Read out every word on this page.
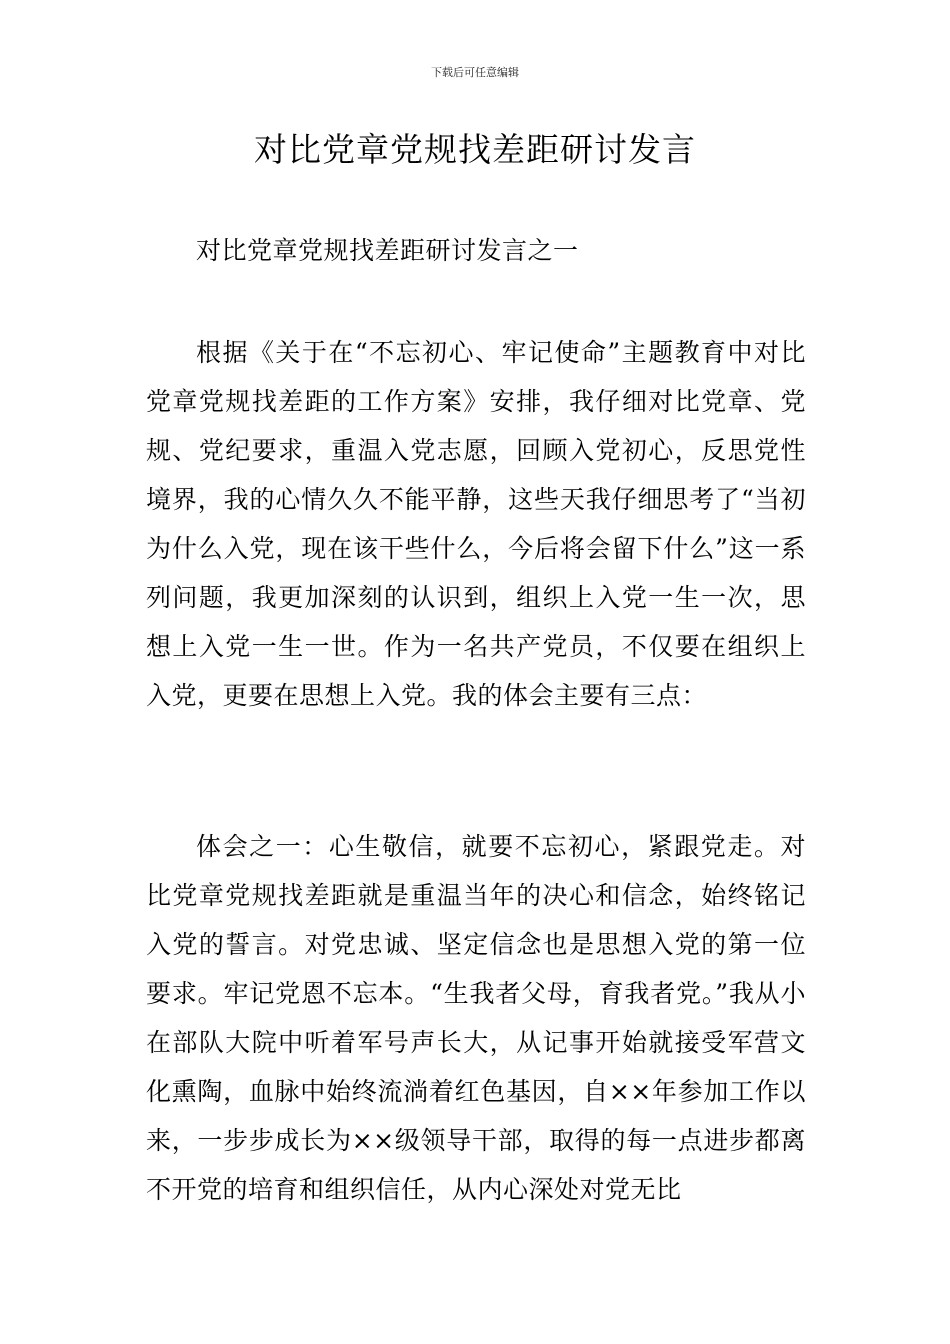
下载后可任意编辑
对比党章党规找差距研讨发言

对比党章党规找差距研讨发言之一

根据《关于在“不忘初心、牢记使命”主题教育中对比党章党规找差距的工作方案》安排，我仔细对比党章、党规、党纪要求，重温入党志愿，回顾入党初心，反思党性境界，我的心情久久不能平静，这些天我仔细思考了“当初为什么入党，现在该干些什么，今后将会留下什么”这一系列问题，我更加深刻的认识到，组织上入党一生一次，思想上入党一生一世。作为一名共产党员，不仅要在组织上入党，更要在思想上入党。我的体会主要有三点：

体会之一：心生敬信，就要不忘初心，紧跟党走。对比党章党规找差距就是重温当年的决心和信念，始终铭记入党的誓言。对党忠诚、坚定信念也是思想入党的第一位要求。牢记党恩不忘本。“生我者父母，育我者党。”我从小在部队大院中听着军号声长大，从记事开始就接受军营文化熏陶，血脉中始终流淌着红色基因，自××年参加工作以来，一步步成长为××级领导干部，取得的每一点进步都离不开党的培育和组织信任，从内心深处对党无比
